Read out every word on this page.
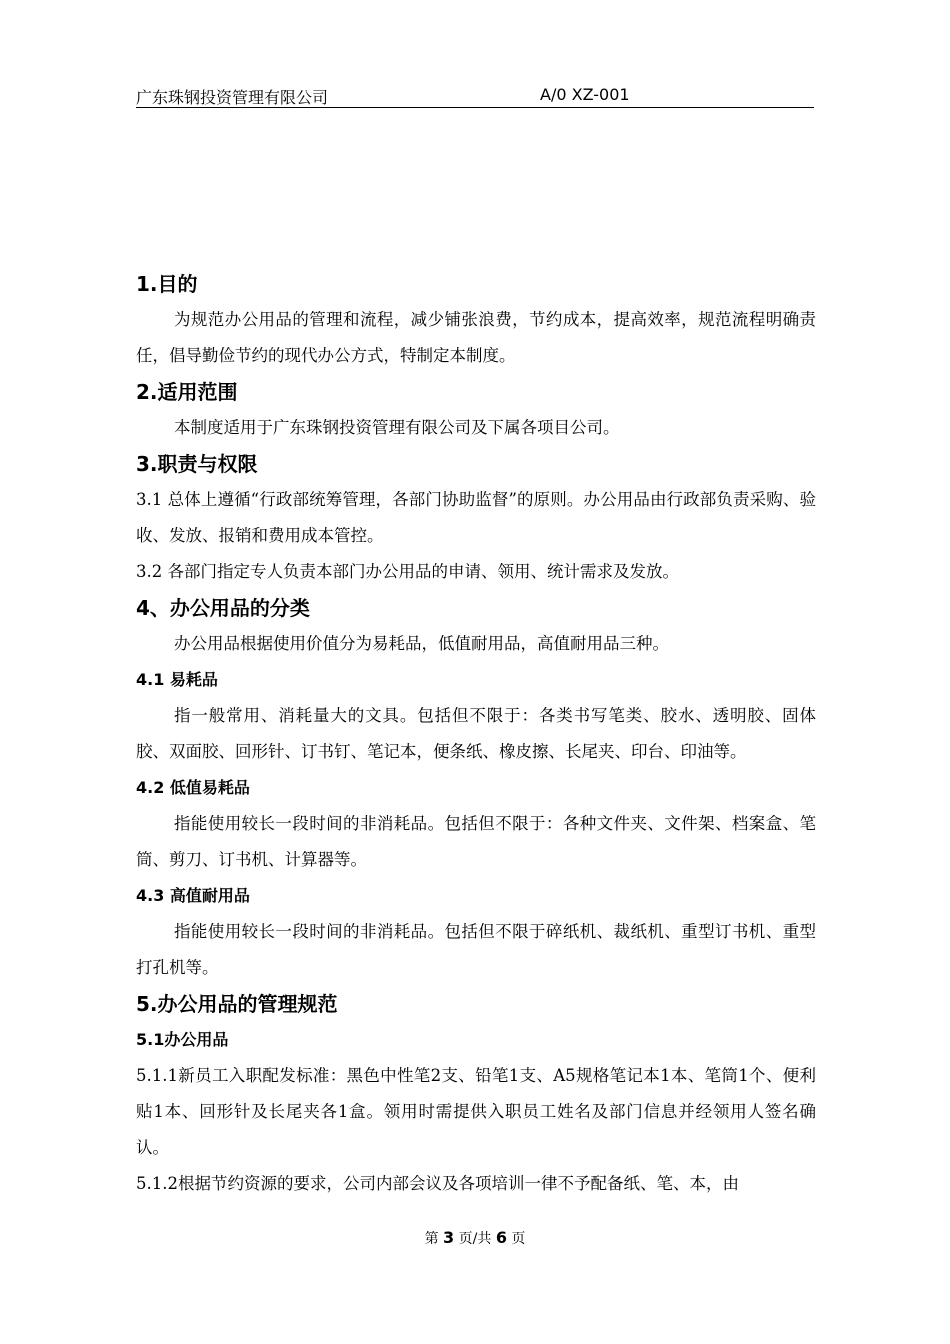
广东珠钢投资管理有限公司	A/0 XZ-001

1.目的

为规范办公用品的管理和流程，减少铺张浪费，节约成本，提高效率，规范流程明确责任，倡导勤俭节约的现代办公方式，特制定本制度。

2.适用范围

本制度适用于广东珠钢投资管理有限公司及下属各项目公司。

3.职责与权限

3.1 总体上遵循“行政部统筹管理，各部门协助监督”的原则。办公用品由行政部负责采购、验收、发放、报销和费用成本管控。

3.2 各部门指定专人负责本部门办公用品的申请、领用、统计需求及发放。

4、办公用品的分类

办公用品根据使用价值分为易耗品，低值耐用品，高值耐用品三种。

4.1 易耗品

指一般常用、消耗量大的文具。包括但不限于：各类书写笔类、胶水、透明胶、固体胶、双面胶、回形针、订书钉、笔记本，便条纸、橡皮擦、长尾夹、印台、印油等。

4.2 低值易耗品

指能使用较长一段时间的非消耗品。包括但不限于：各种文件夹、文件架、档案盒、笔筒、剪刀、订书机、计算器等。

4.3 高值耐用品

指能使用较长一段时间的非消耗品。包括但不限于碎纸机、裁纸机、重型订书机、重型打孔机等。

5.办公用品的管理规范

5.1办公用品

5.1.1新员工入职配发标准：黑色中性笔2支、铅笔1支、A5规格笔记本1本、笔筒1个、便利贴1本、回形针及长尾夹各1盒。领用时需提供入职员工姓名及部门信息并经领用人签名确认。

5.1.2根据节约资源的要求，公司内部会议及各项培训一律不予配备纸、笔、本，由

第 3 页/共 6 页
